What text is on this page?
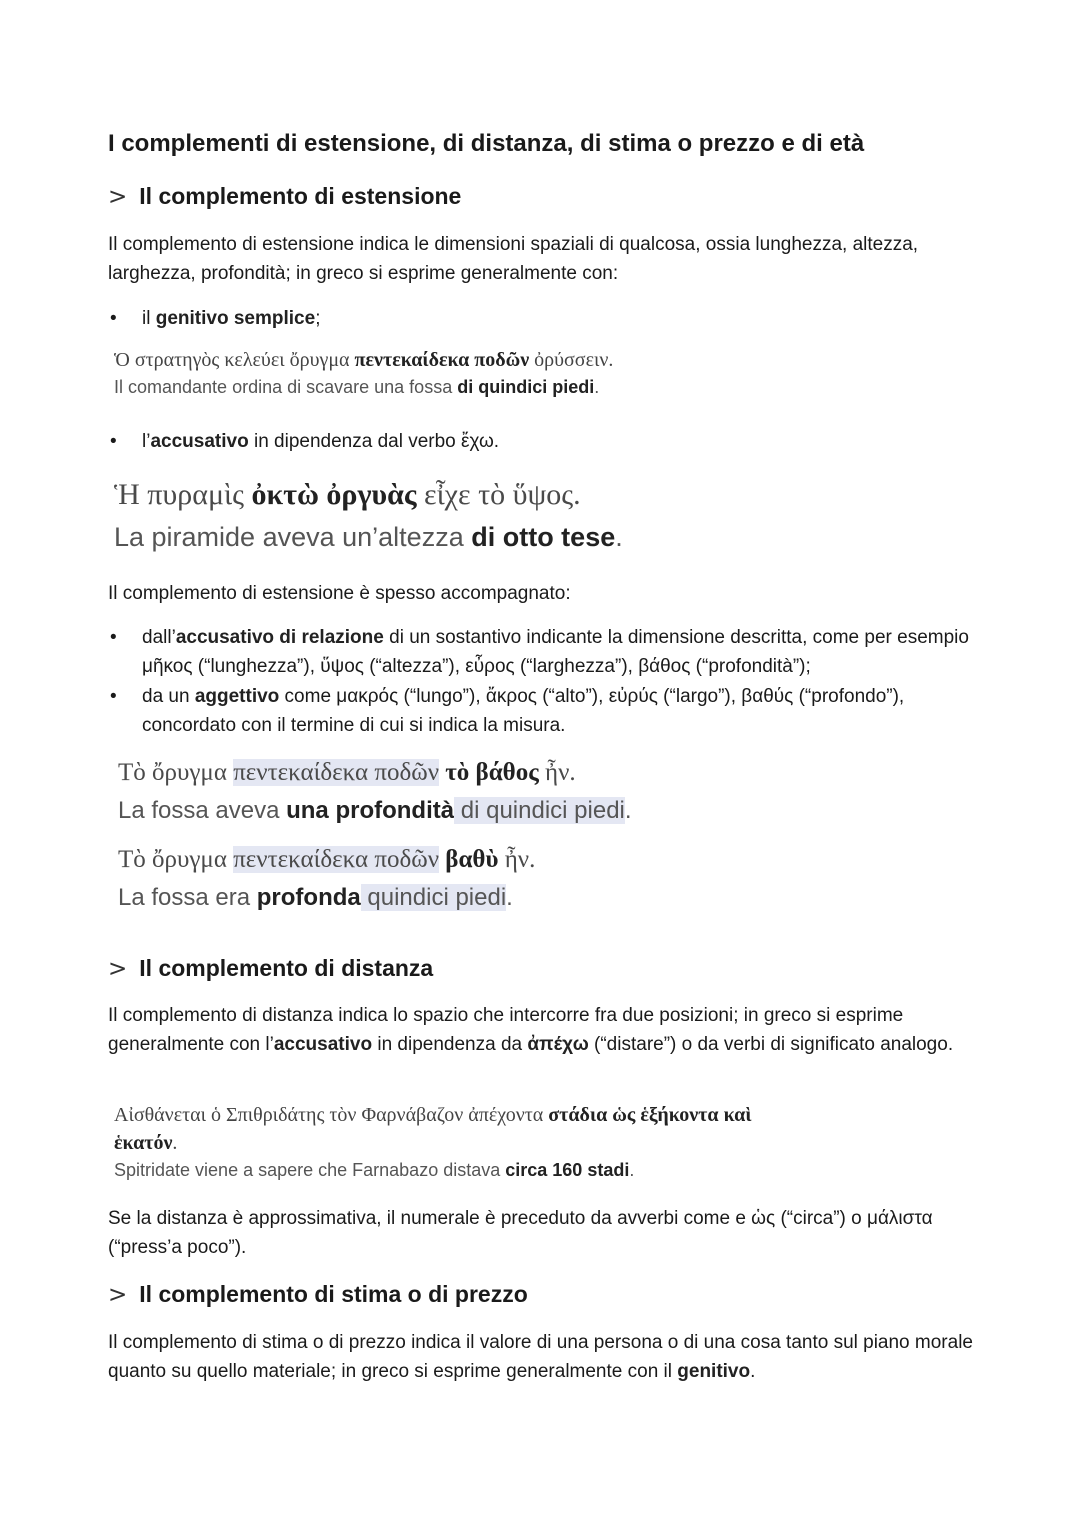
I complementi di estensione, di distanza, di stima o prezzo e di età
> Il complemento di estensione

Il complemento di estensione indica le dimensioni spaziali di qualcosa, ossia lunghezza, altezza, larghezza, profondità; in greco si esprime generalmente con:

• il genitivo semplice;
Ὁ στρατηγὸς κελεύει ὄρυγμα πεντεκαίδεκα ποδῶν ὀρύσσειν.
Il comandante ordina di scavare una fossa di quindici piedi.
• l’accusativo in dipendenza dal verbo ἔχω.
Ἡ πυραμὶς ὀκτὼ ὀργυὰς εἶχε τὸ ὕψος.
La piramide aveva un’altezza di otto tese.

Il complemento di estensione è spesso accompagnato:

• dall’accusativo di relazione di un sostantivo indicante la dimensione descritta, come per esempio μῆκος (“lunghezza”), ὕψος (“altezza”), εὖρος (“larghezza”), βάθος (“profondità”);
• da un aggettivo come μακρός (“lungo”), ἄκρος (“alto”), εὐρύς (“largo”), βαθύς (“profondo”), concordato con il termine di cui si indica la misura.
Τὸ ὄρυγμα πεντεκαίδεκα ποδῶν τὸ βάθος ἦν.
La fossa aveva una profondità di quindici piedi.
Τὸ ὄρυγμα πεντεκαίδεκα ποδῶν βαθὺ ἦν.
La fossa era profonda quindici piedi.
> Il complemento di distanza

Il complemento di distanza indica lo spazio che intercorre fra due posizioni; in greco si esprime generalmente con l’accusativo in dipendenza da ἀπέχω (“distare”) o da verbi di significato analogo.

Αἰσθάνεται ὁ Σπιθριδάτης τὸν Φαρνάβαζον ἀπέχοντα στάδια ὡς ἑξήκοντα καὶ
ἑκατόν.
Spitridate viene a sapere che Farnabazo distava circa 160 stadi.

Se la distanza è approssimativa, il numerale è preceduto da avverbi come e ὡς (“circa”) o μάλιστα (“press’a poco”).

> Il complemento di stima o di prezzo

Il complemento di stima o di prezzo indica il valore di una persona o di una cosa tanto sul piano morale quanto su quello materiale; in greco si esprime generalmente con il genitivo.
